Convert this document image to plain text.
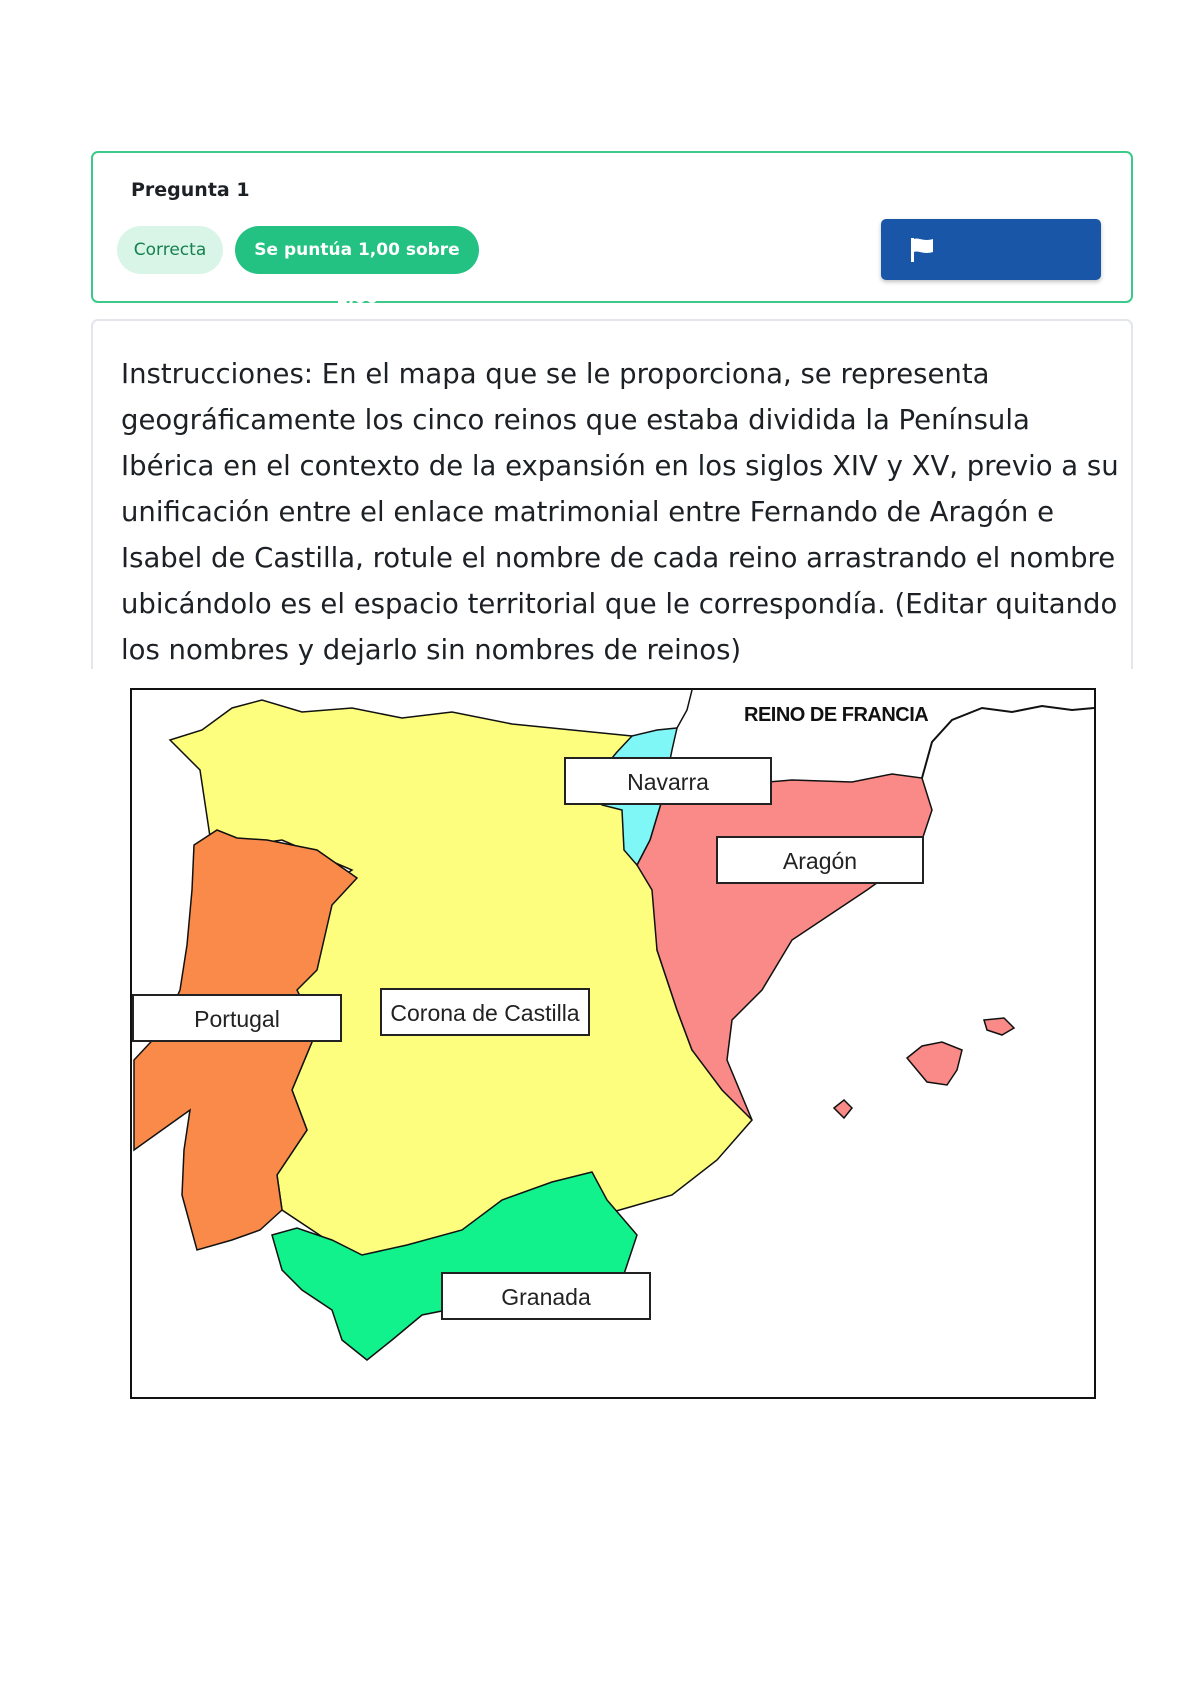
Pregunta 1
Correcta	Se puntúa 1,00 sobre 1,00

Instrucciones: En el mapa que se le proporciona, se representa geográficamente los cinco reinos que estaba dividida la Península Ibérica en el contexto de la expansión en los siglos XIV y XV, previo a su unificación entre el enlace matrimonial entre Fernando de Aragón e Isabel de Castilla, rotule el nombre de cada reino arrastrando el nombre ubicándolo es el espacio territorial que le correspondía. (Editar quitando los nombres y dejarlo sin nombres de reinos)

REINO DE FRANCIA
Navarra
Aragón
Portugal	Corona de Castilla
Granada
